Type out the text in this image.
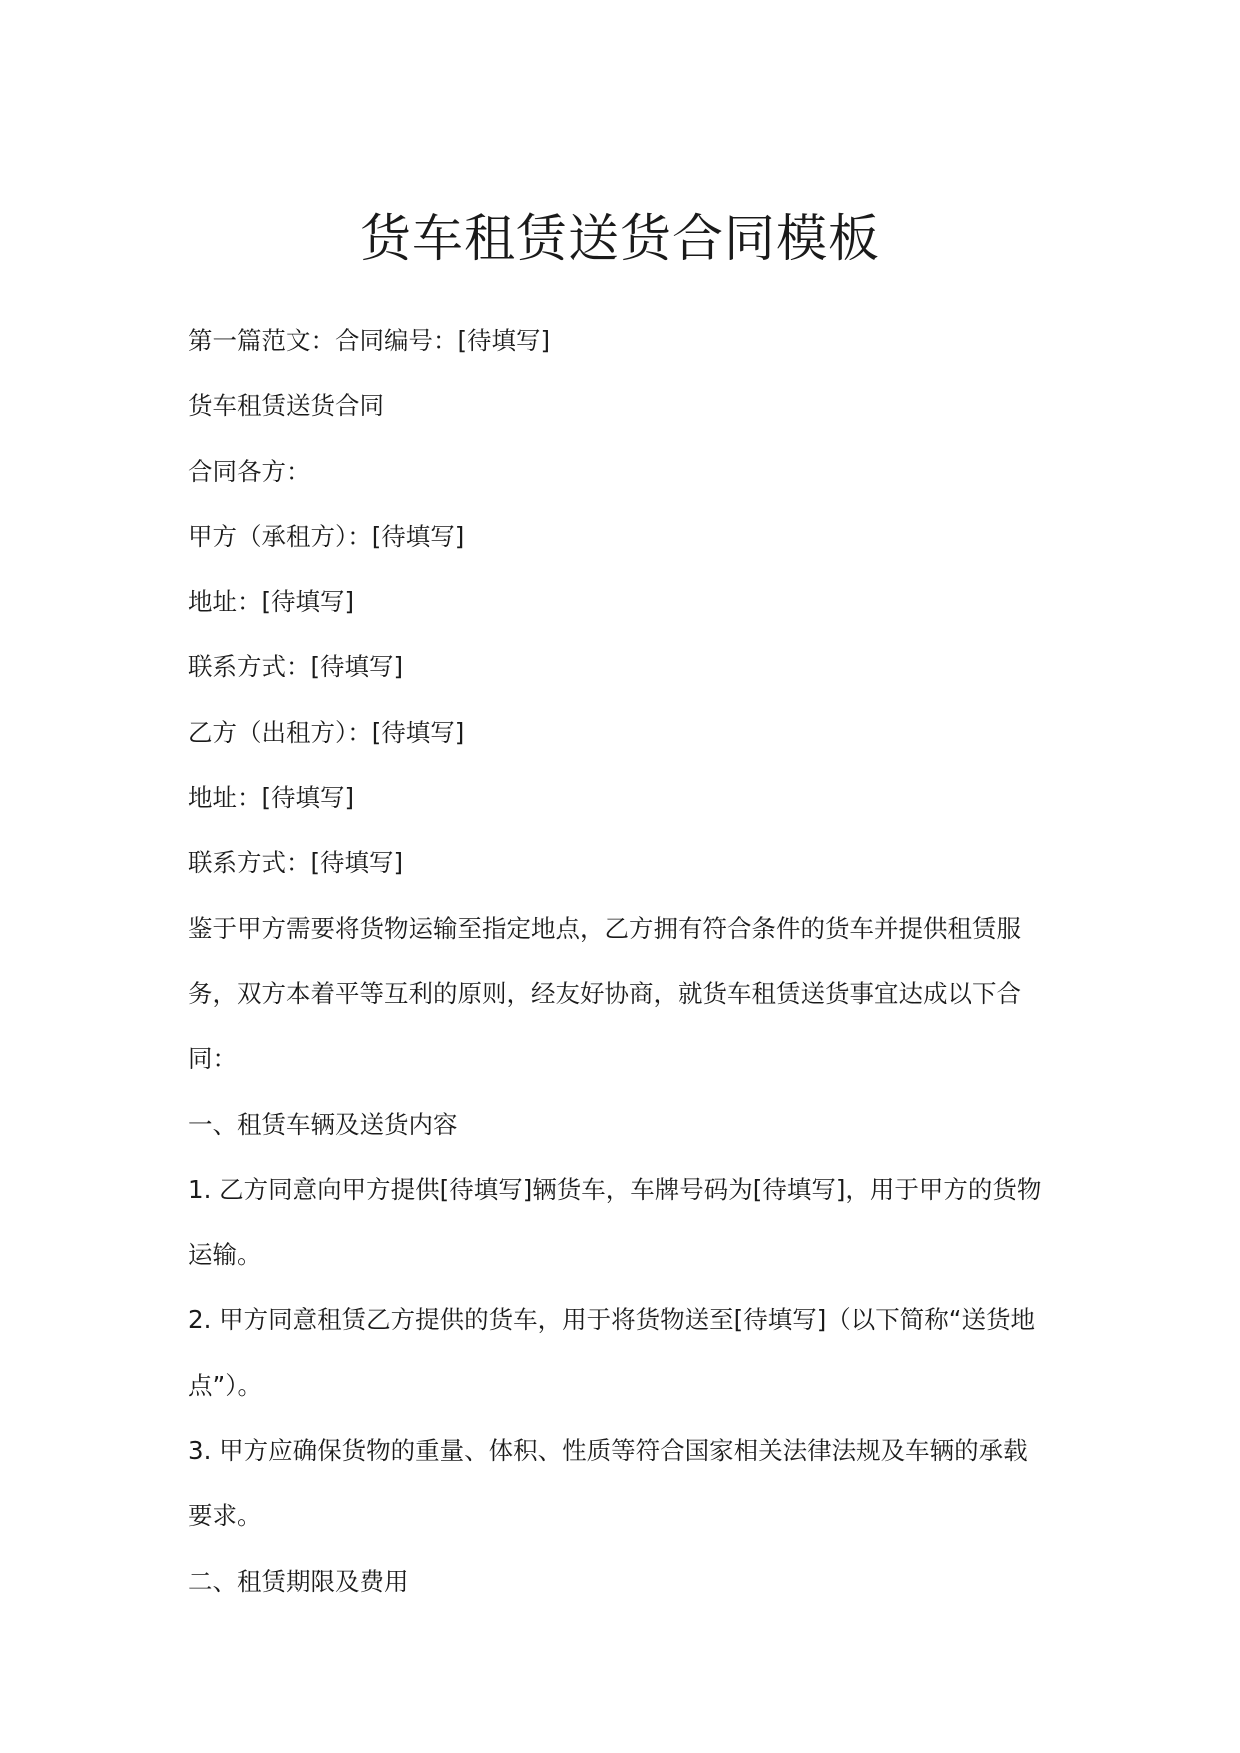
货车租赁送货合同模板
第一篇范文：合同编号：[待填写]
货车租赁送货合同
合同各方：
甲方（承租方）：[待填写]
地址：[待填写]
联系方式：[待填写]
乙方（出租方）：[待填写]
地址：[待填写]
联系方式：[待填写]
鉴于甲方需要将货物运输至指定地点，乙方拥有符合条件的货车并提供租赁服
务，双方本着平等互利的原则，经友好协商，就货车租赁送货事宜达成以下合
同：
一、租赁车辆及送货内容
1. 乙方同意向甲方提供[待填写]辆货车，车牌号码为[待填写]，用于甲方的货物
运输。
2. 甲方同意租赁乙方提供的货车，用于将货物送至[待填写]（以下简称“送货地
点”）。
3. 甲方应确保货物的重量、体积、性质等符合国家相关法律法规及车辆的承载
要求。
二、租赁期限及费用
